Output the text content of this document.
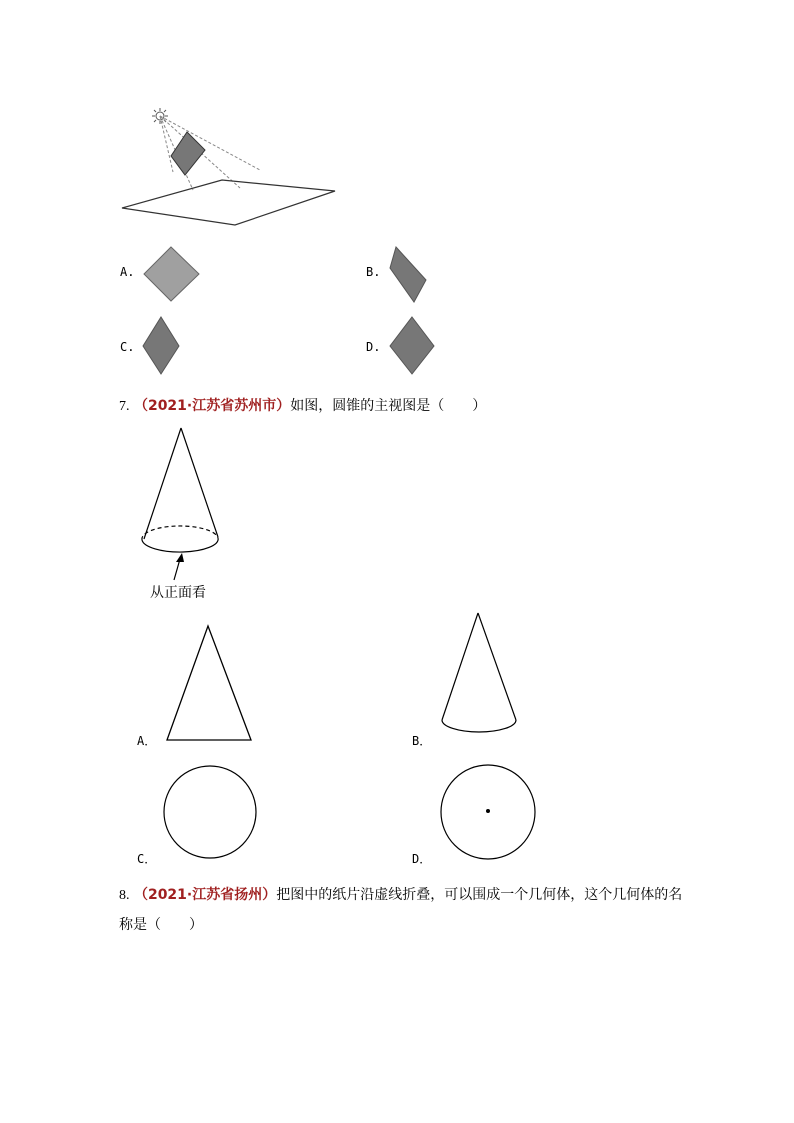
A.	B.
C.	D.
7. （2021·江苏省苏州市）如图，圆锥的主视图是（　　）
从正面看
A．	B．
C．	D．
8. （2021·江苏省扬州）把图中的纸片沿虚线折叠，可以围成一个几何体，这个几何体的名
称是（　　）
